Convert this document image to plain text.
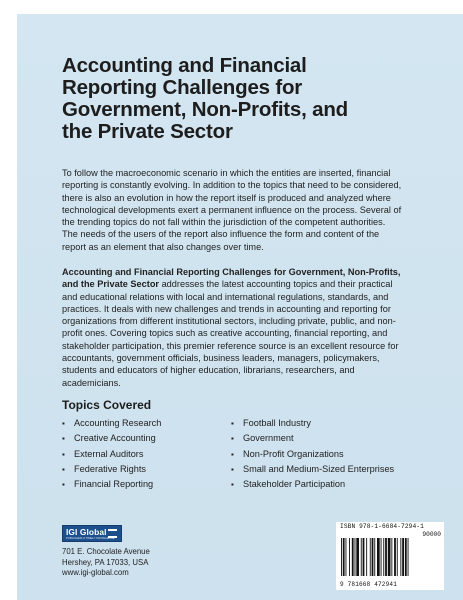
Accounting and Financial Reporting Challenges for Government, Non-Profits, and the Private Sector

To follow the macroeconomic scenario in which the entities are inserted, financial reporting is constantly evolving. In addition to the topics that need to be considered, there is also an evolution in how the report itself is produced and analyzed where technological developments exert a permanent influence on the process. Several of the trending topics do not fall within the jurisdiction of the competent authorities. The needs of the users of the report also influence the form and content of the report as an element that also changes over time.

Accounting and Financial Reporting Challenges for Government, Non-Profits, and the Private Sector addresses the latest accounting topics and their practical and educational relations with local and international regulations, standards, and practices. It deals with new challenges and trends in accounting and reporting for organizations from different institutional sectors, including private, public, and non-profit ones. Covering topics such as creative accounting, financial reporting, and stakeholder participation, this premier reference source is an excellent resource for accountants, government officials, business leaders, managers, policymakers, students and educators of higher education, librarians, researchers, and academicians.

Topics Covered
▪ Accounting Research
▪ Creative Accounting
▪ External Auditors
▪ Federative Rights
▪ Financial Reporting
▪ Football Industry
▪ Government
▪ Non-Profit Organizations
▪ Small and Medium-Sized Enterprises
▪ Stakeholder Participation
IGI Global
PUBLISHER of TIMELY KNOWLEDGE

701 E. Chocolate Avenue
Hershey, PA 17033, USA
www.igi-global.com

ISBN 978-1-6684-7294-1
90000
9 781668 472941
